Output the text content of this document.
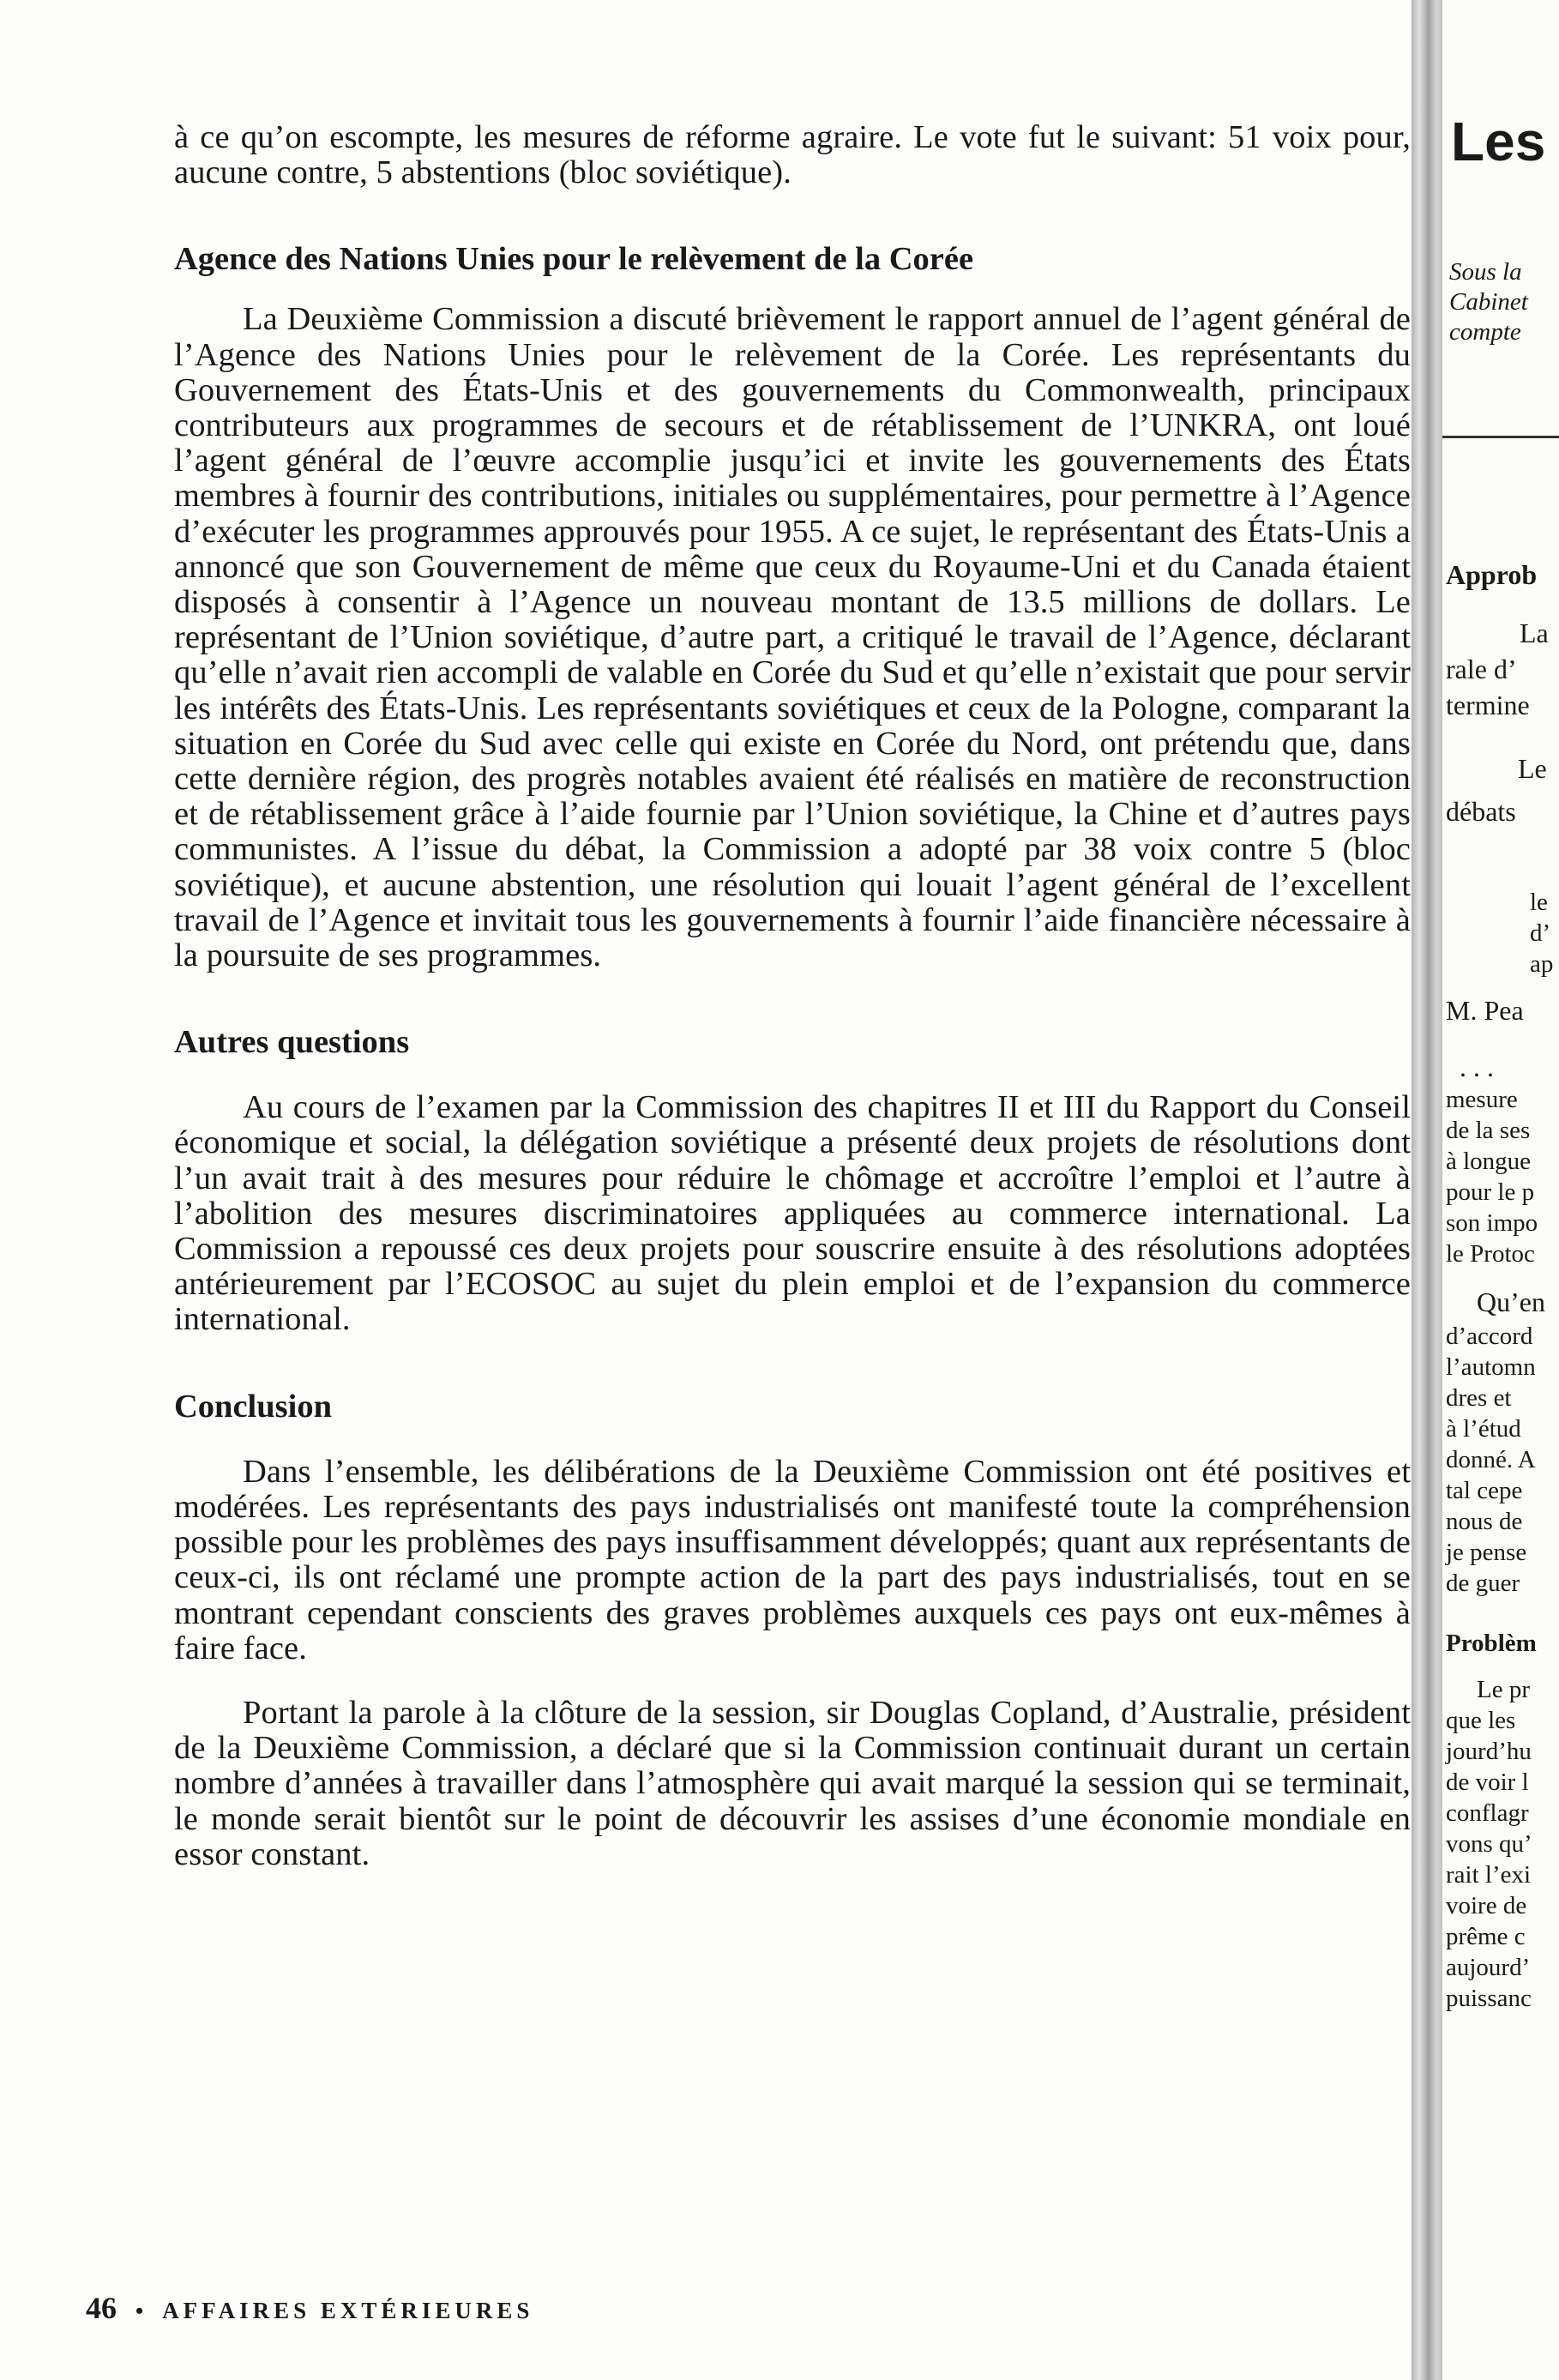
à ce qu’on escompte, les mesures de réforme agraire. Le vote fut le suivant: 51 voix pour, aucune contre, 5 abstentions (bloc soviétique).

Agence des Nations Unies pour le relèvement de la Corée

La Deuxième Commission a discuté brièvement le rapport annuel de l’agent général de l’Agence des Nations Unies pour le relèvement de la Corée. Les représentants du Gouvernement des États-Unis et des gouvernements du Commonwealth, principaux contributeurs aux programmes de secours et de rétablissement de l’UNKRA, ont loué l’agent général de l’œuvre accomplie jusqu’ici et invite les gouvernements des États membres à fournir des contributions, initiales ou supplémentaires, pour permettre à l’Agence d’exécuter les programmes approuvés pour 1955. A ce sujet, le représentant des États-Unis a annoncé que son Gouvernement de même que ceux du Royaume-Uni et du Canada étaient disposés à consentir à l’Agence un nouveau montant de 13.5 millions de dollars. Le représentant de l’Union soviétique, d’autre part, a critiqué le travail de l’Agence, déclarant qu’elle n’avait rien accompli de valable en Corée du Sud et qu’elle n’existait que pour servir les intérêts des États-Unis. Les représentants soviétiques et ceux de la Pologne, comparant la situation en Corée du Sud avec celle qui existe en Corée du Nord, ont prétendu que, dans cette dernière région, des progrès notables avaient été réalisés en matière de reconstruction et de rétablissement grâce à l’aide fournie par l’Union soviétique, la Chine et d’autres pays communistes. A l’issue du débat, la Commission a adopté par 38 voix contre 5 (bloc soviétique), et aucune abstention, une résolution qui louait l’agent général de l’excellent travail de l’Agence et invitait tous les gouvernements à fournir l’aide financière nécessaire à la poursuite de ses programmes.

Autres questions

Au cours de l’examen par la Commission des chapitres II et III du Rapport du Conseil économique et social, la délégation soviétique a présenté deux projets de résolutions dont l’un avait trait à des mesures pour réduire le chômage et accroître l’emploi et l’autre à l’abolition des mesures discriminatoires appliquées au commerce international. La Commission a repoussé ces deux projets pour souscrire ensuite à des résolutions adoptées antérieurement par l’ECOSOC au sujet du plein emploi et de l’expansion du commerce international.

Conclusion

Dans l’ensemble, les délibérations de la Deuxième Commission ont été positives et modérées. Les représentants des pays industrialisés ont manifesté toute la compréhension possible pour les problèmes des pays insuffisamment développés; quant aux représentants de ceux-ci, ils ont réclamé une prompte action de la part des pays industrialisés, tout en se montrant cependant conscients des graves problèmes auxquels ces pays ont eux-mêmes à faire face.

Portant la parole à la clôture de la session, sir Douglas Copland, d’Australie, président de la Deuxième Commission, a déclaré que si la Commission continuait durant un certain nombre d’années à travailler dans l’atmosphère qui avait marqué la session qui se terminait, le monde serait bientôt sur le point de découvrir les assises d’une économie mondiale en essor constant.

46 • AFFAIRES EXTÉRIEURES
Les
Sous la
Cabinet
compte
Approb
La
rale d’
termine
Le
débats
le
d’
ap
M. Pea
. . .
mesure
de la ses
à longue
pour le p
son impo
le Protoc
Qu’en
d’accord
l’automn
dres et
à l’étud
donné. A
tal cepe
nous de
je pense
de guer
Problèm
Le pr
que les
jourd’hu
de voir l
conflagr
vons qu’
rait l’exi
voire de
prême c
aujourd’
puissanc
